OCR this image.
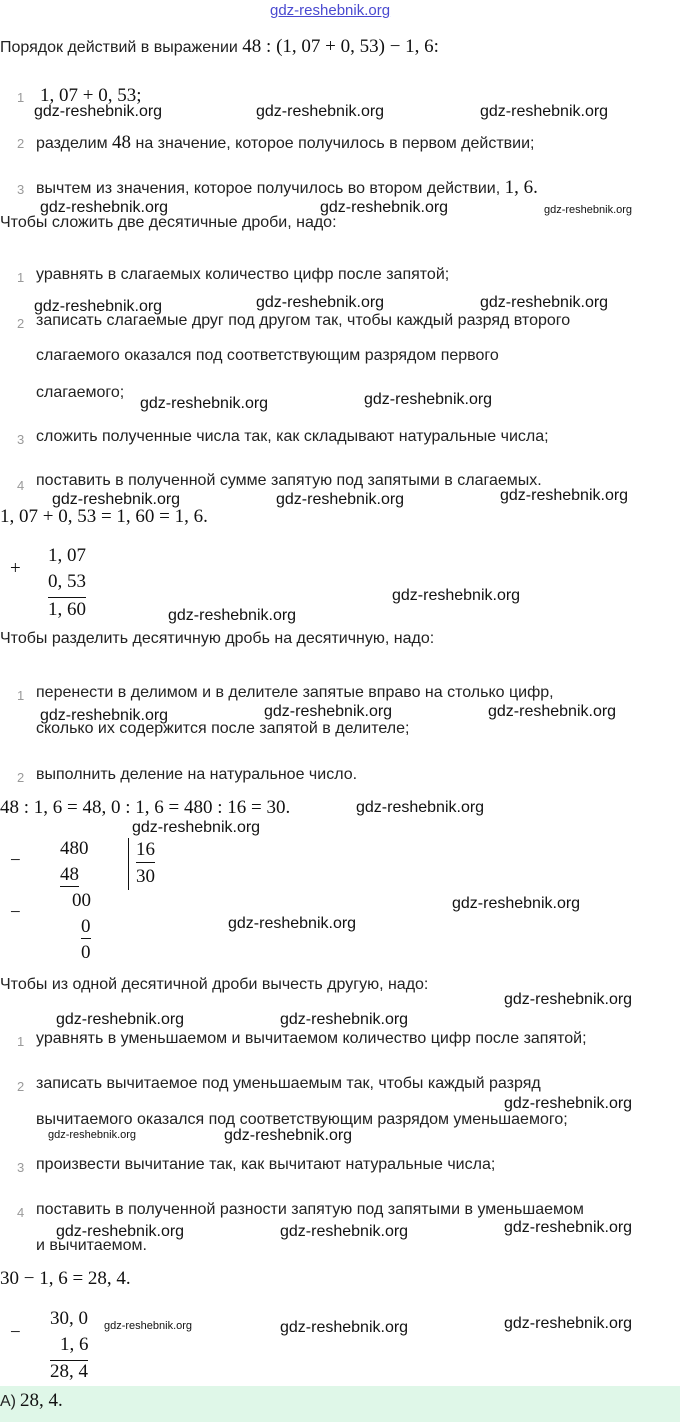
gdz-reshebnik.org
Порядок действий в выражении 48 : (1, 07 + 0, 53) − 1, 6:
1 1, 07 + 0, 53;
2 разделим 48 на значение, которое получилось в первом действии;
3 вычтем из значения, которое получилось во втором действии, 1, 6.
Чтобы сложить две десятичные дроби, надо:
1 уравнять в слагаемых количество цифр после запятой;
2 записать слагаемые друг под другом так, чтобы каждый разряд второго
слагаемого оказался под соответствующим разрядом первого
слагаемого;
3 сложить полученные числа так, как складывают натуральные числа;
4 поставить в полученной сумме запятую под запятыми в слагаемых.
1, 07 + 0, 53 = 1, 60 = 1, 6.
+
1, 07
0, 53
1, 60
Чтобы разделить десятичную дробь на десятичную, надо:
1 перенести в делимом и в делителе запятые вправо на столько цифр,
сколько их содержится после запятой в делителе;
2 выполнить деление на натуральное число.
48 : 1, 6 = 48, 0 : 1, 6 = 480 : 16 = 30.
−
480
48
16
30
−
00
0
0
Чтобы из одной десятичной дроби вычесть другую, надо:
1 уравнять в уменьшаемом и вычитаемом количество цифр после запятой;
2 записать вычитаемое под уменьшаемым так, чтобы каждый разряд
вычитаемого оказался под соответствующим разрядом уменьшаемого;
3 произвести вычитание так, как вычитают натуральные числа;
4 поставить в полученной разности запятую под запятыми в уменьшаемом
и вычитаемом.
30 − 1, 6 = 28, 4.
−
30, 0
1, 6
28, 4
А) 28, 4.
gdz-reshebnik.org	gdz-reshebnik.org	gdz-reshebnik.org
gdz-reshebnik.org	gdz-reshebnik.org	gdz-reshebnik.org
gdz-reshebnik.org	gdz-reshebnik.org	gdz-reshebnik.org
gdz-reshebnik.org	gdz-reshebnik.org
gdz-reshebnik.org	gdz-reshebnik.org	gdz-reshebnik.org
gdz-reshebnik.org
gdz-reshebnik.org
gdz-reshebnik.org	gdz-reshebnik.org	gdz-reshebnik.org
gdz-reshebnik.org
gdz-reshebnik.org
gdz-reshebnik.org
gdz-reshebnik.org
gdz-reshebnik.org
gdz-reshebnik.org	gdz-reshebnik.org
gdz-reshebnik.org
gdz-reshebnik.org	gdz-reshebnik.org
gdz-reshebnik.org	gdz-reshebnik.org	gdz-reshebnik.org
gdz-reshebnik.org	gdz-reshebnik.org	gdz-reshebnik.org
